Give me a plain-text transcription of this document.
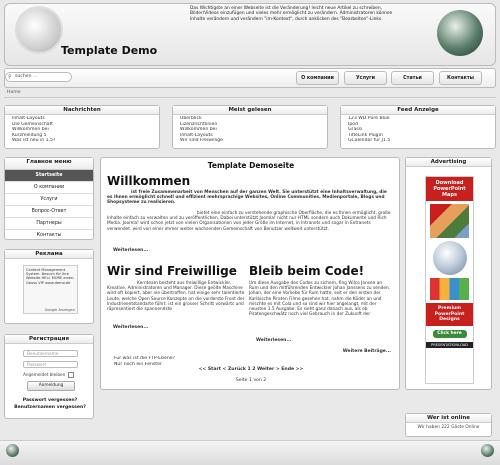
Template Demo
Das Wichtigste an einer Webseite ist die Veränderung! leicht neue Artikel zu schreiben, Bilder/Videos einzufügen und vieles mehr ermöglicht zu verändern. Administratoren können Inhalte verändern und verändern "im-Kontext", durch anklicken des "Bearbeiten"-Links.
⚲ suchen ...	O компании	Услуги	Статьи	Контакты
Home
Nachrichten
Inhalt-Layouts
Die Gemeinschaft
Willkommen bei
Kurzmeldung 5
Was ist neu in 1.5?
Meist gelesen
Überblick
Lizenzrichtlinien
Willkommen bei
Inhalt-Layouts
Wir sind Freiwillige
Feed Anzeige
123 WD Pure Blue
Ipod
Grassi
TitleLink Plugin
GCalendar für J1.5
Главное меню
Startseite
O компании
Услуги
Вопрос-Ответ
Партнеры
Контакты
Реклама
Content Management System. Besuch für Ihre Website HELL MORE einen. Gauss VIP www.demo.de
Google Anzeigen
Регистрация
Benutzername
Passwort
Angemeldet bleiben
Anmeldung
Passwort vergessen?
Benutzernamen vergessen?
Template Demoseite
Willkommen
ist freie Zusammenarbeit von Menschen auf der ganzen Welt. Sie unterstützt eine Inhaltsverwaltung, die es Ihnen ermöglicht schnell und effizient mehrsprachige Websites, Online Communities, Medienportale, Blogs und Shopsysteme zu realisieren.
bietet eine einfach zu verstehende graphische Oberfläche, die es Ihnen ermöglicht, große Inhalte einfach zu verwalten und zu veröffentlichen. Dabei unterstützt Joomla! nicht nur HTML sondern auch Dokumente und Rich Media. Joomla! wird schon jetzt von vielen Organisationen von jeder Größe im Internet, in Intranets und sogar in Extranets verwendet. wird von einer immer weiter wachsenden Gemeinschaft von Benutzer weltweit unterstützt.
Weiterlesen...
Wir sind Freiwillige
Kernteam besteht aus freiwillige Entwickler, Kreative, Administratoren und Manager. Diese geölte Maschine wird oft kopiert, aber nie übertroffen. hat einige sehr talentierte Leute, welche Open Source Konzepte an die vorderste Front der Industrieentstandarte führt. ist ein grosser Schritt vorwärts und räpresentiert die spannendste
Weiterlesen...
Bleib beim Code!
Um diese Ausgabe des Codes zu sichern, fing Wilco Jansen an Rum und den mitführenden Entwickler Johan Janssens zu senden. Johan, der eine Vorliebe für Rum hatte, seit er den ersten der Karibische Piraten Filme gesehen hat, nahm die Köder an und mischte es mit Cola und so sind wir hier angelangt, mit der neusten 1.5 Ausgabe. Es sieht ganz danach aus, als ob Piratengeschwätz noch viel Gebrauch in der Zukunft der
Weiterlesen...
Weitere Beiträge...
Für was ist die FTP-Ebene?
Nur noch ein Fenster
<< Start < Zurück 1 2 Weiter > Ende >>
Seite 1 von 2
Advertising
Download PowerPoint Maps
Premium PowerPoint Designs
Click here
PRESENTATIONLOAD
Wer ist online
Wir haben 222 Gäste Online
